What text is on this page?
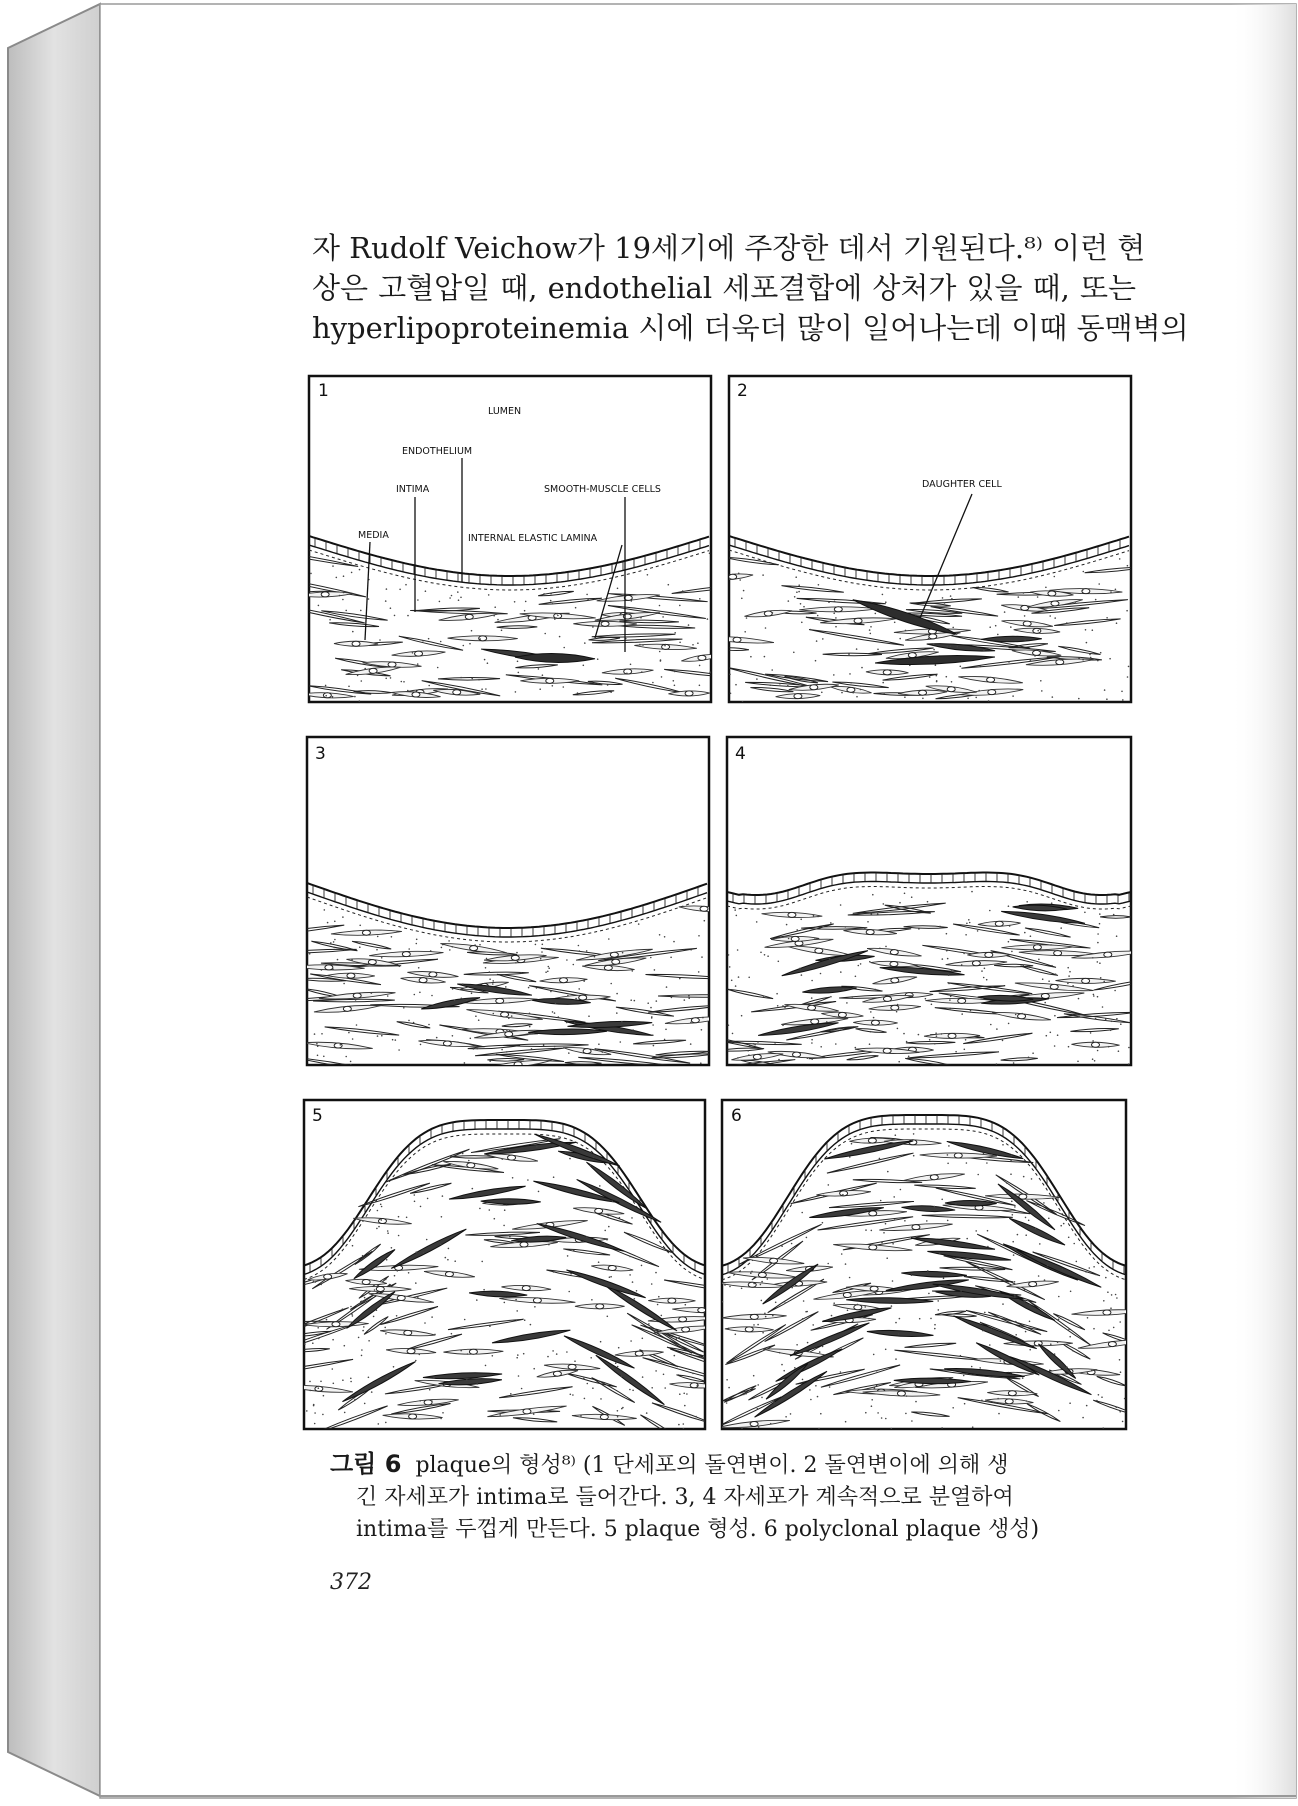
1	2
3	4
5	6
LUMEN
ENDOTHELIUM
INTIMA	SMOOTH-MUSCLE CELLS
MEDIA	INTERNAL ELASTIC LAMINA
DAUGHTER CELL
자 Rudolf Veichow가 19세기에 주장한 데서 기원된다.⁸⁾ 이런 현
상은 고혈압일 때, endothelial 세포결합에 상처가 있을 때, 또는
hyperlipoproteinemia 시에 더욱더 많이 일어나는데 이때 동맥벽의
그림 6 plaque의 형성⁸⁾ (1 단세포의 돌연변이. 2 돌연변이에 의해 생
긴 자세포가 intima로 들어간다. 3, 4 자세포가 계속적으로 분열하여
intima를 두껍게 만든다. 5 plaque 형성. 6 polyclonal plaque 생성)
372
